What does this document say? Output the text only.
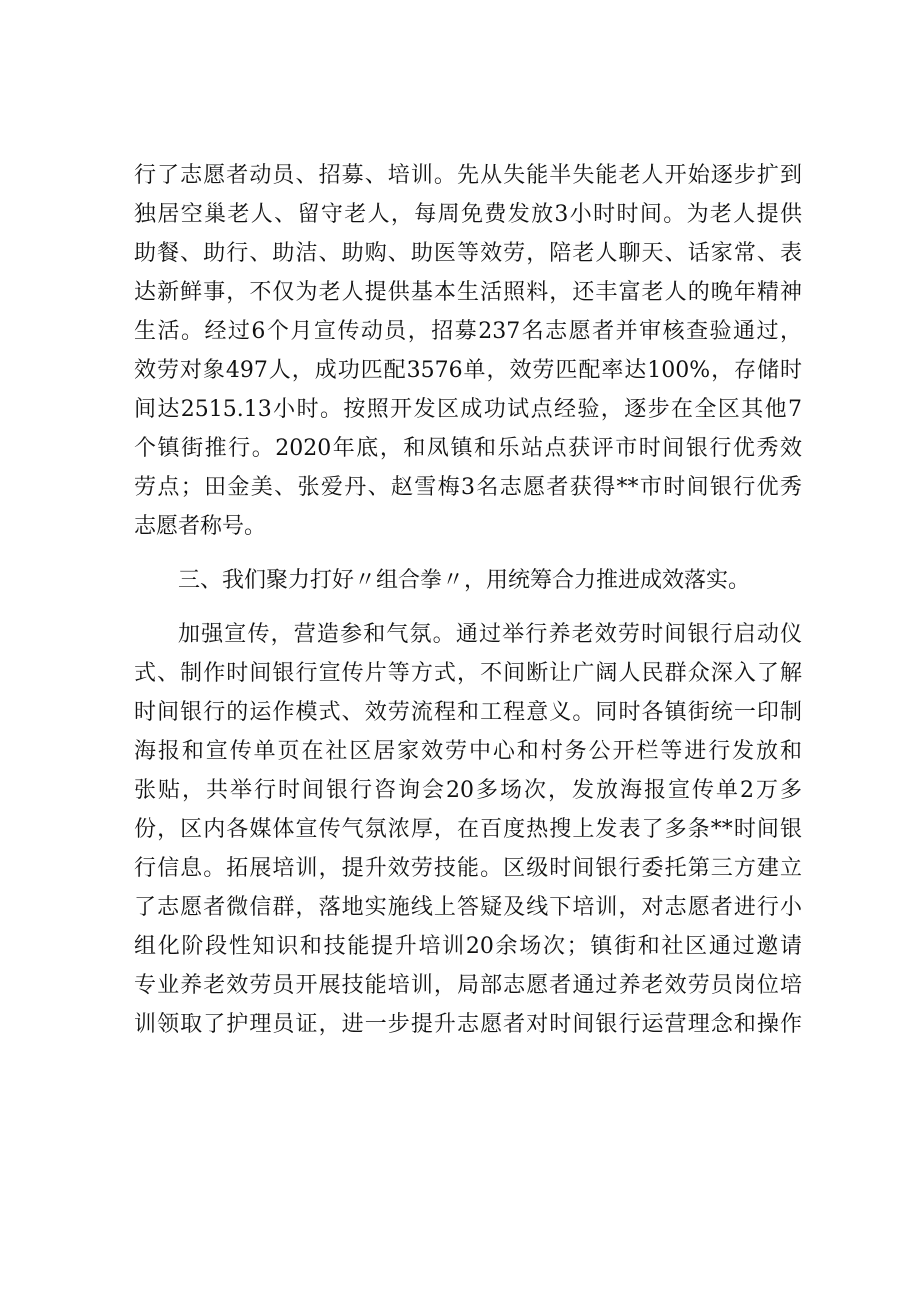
行了志愿者动员、招募、培训。先从失能半失能老人开始逐步扩到
独居空巢老人、留守老人，每周免费发放3小时时间。为老人提供
助餐、助行、助洁、助购、助医等效劳，陪老人聊天、话家常、表
达新鲜事，不仅为老人提供基本生活照料，还丰富老人的晚年精神
生活。经过6个月宣传动员，招募237名志愿者并审核查验通过，
效劳对象497人，成功匹配3576单，效劳匹配率达100%，存储时
间达2515.13小时。按照开发区成功试点经验，逐步在全区其他7
个镇街推行。2020年底，和凤镇和乐站点获评市时间银行优秀效
劳点；田金美、张爱丹、赵雪梅3名志愿者获得**市时间银行优秀
志愿者称号。
三、我们聚力打好〃组合拳〃，用统筹合力推进成效落实。
加强宣传，营造参和气氛。通过举行养老效劳时间银行启动仪
式、制作时间银行宣传片等方式，不间断让广阔人民群众深入了解
时间银行的运作模式、效劳流程和工程意义。同时各镇街统一印制
海报和宣传单页在社区居家效劳中心和村务公开栏等进行发放和
张贴，共举行时间银行咨询会20多场次，发放海报宣传单2万多
份，区内各媒体宣传气氛浓厚，在百度热搜上发表了多条**时间银
行信息。拓展培训，提升效劳技能。区级时间银行委托第三方建立
了志愿者微信群，落地实施线上答疑及线下培训，对志愿者进行小
组化阶段性知识和技能提升培训20余场次；镇街和社区通过邀请
专业养老效劳员开展技能培训，局部志愿者通过养老效劳员岗位培
训领取了护理员证，进一步提升志愿者对时间银行运营理念和操作
